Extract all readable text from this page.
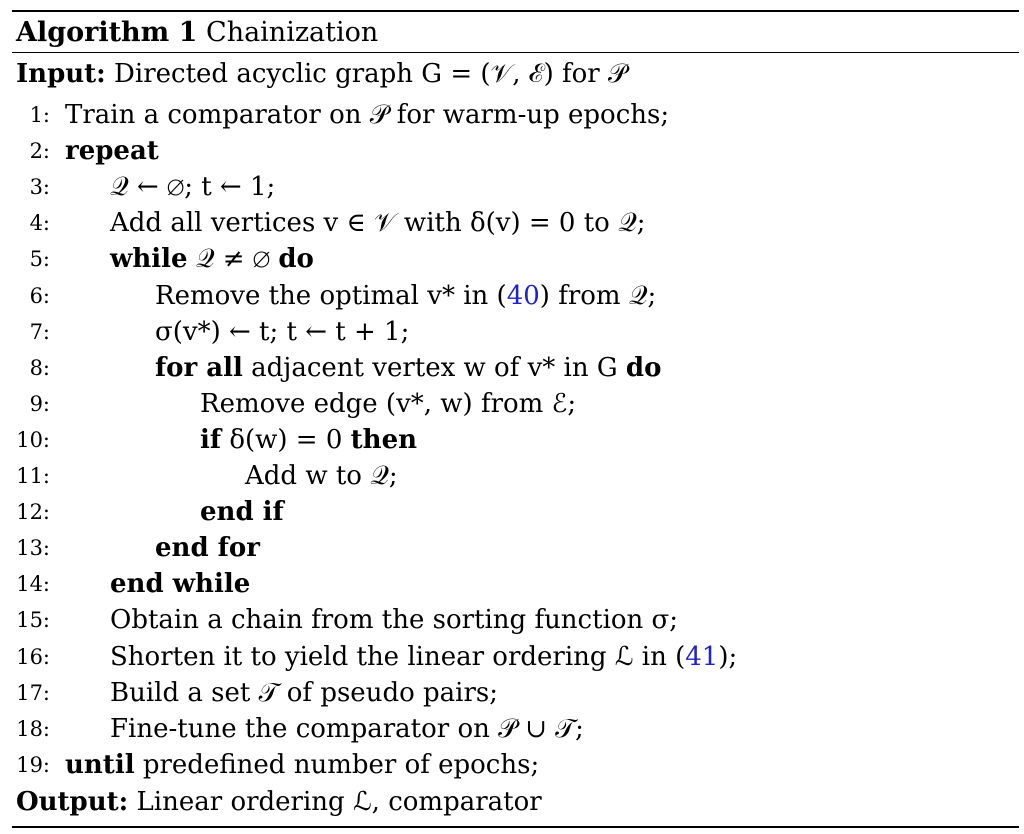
Algorithm 1 Chainization
Input: Directed acyclic graph G = (𝒱, ℰ) for 𝒫
1: Train a comparator on 𝒫 for warm-up epochs;
2: repeat
3: 𝒬 ← ∅; t ← 1;
4: Add all vertices v ∈ 𝒱 with δ(v) = 0 to 𝒬;
5: while 𝒬 ≠ ∅ do
6:	Remove the optimal v* in (40) from 𝒬;
7:	σ(v*) ← t; t ← t + 1;
8:	for all adjacent vertex w of v* in G do
9:	Remove edge (v*, w) from ℰ;
10:	if δ(w) = 0 then
11:	Add w to 𝒬;
12:	end if
13:	end for
14: end while
15: Obtain a chain from the sorting function σ;
16: Shorten it to yield the linear ordering ℒ in (41);
17: Build a set 𝒯 of pseudo pairs;
18: Fine-tune the comparator on 𝒫 ∪ 𝒯;
19: until predefined number of epochs;
Output: Linear ordering ℒ, comparator
